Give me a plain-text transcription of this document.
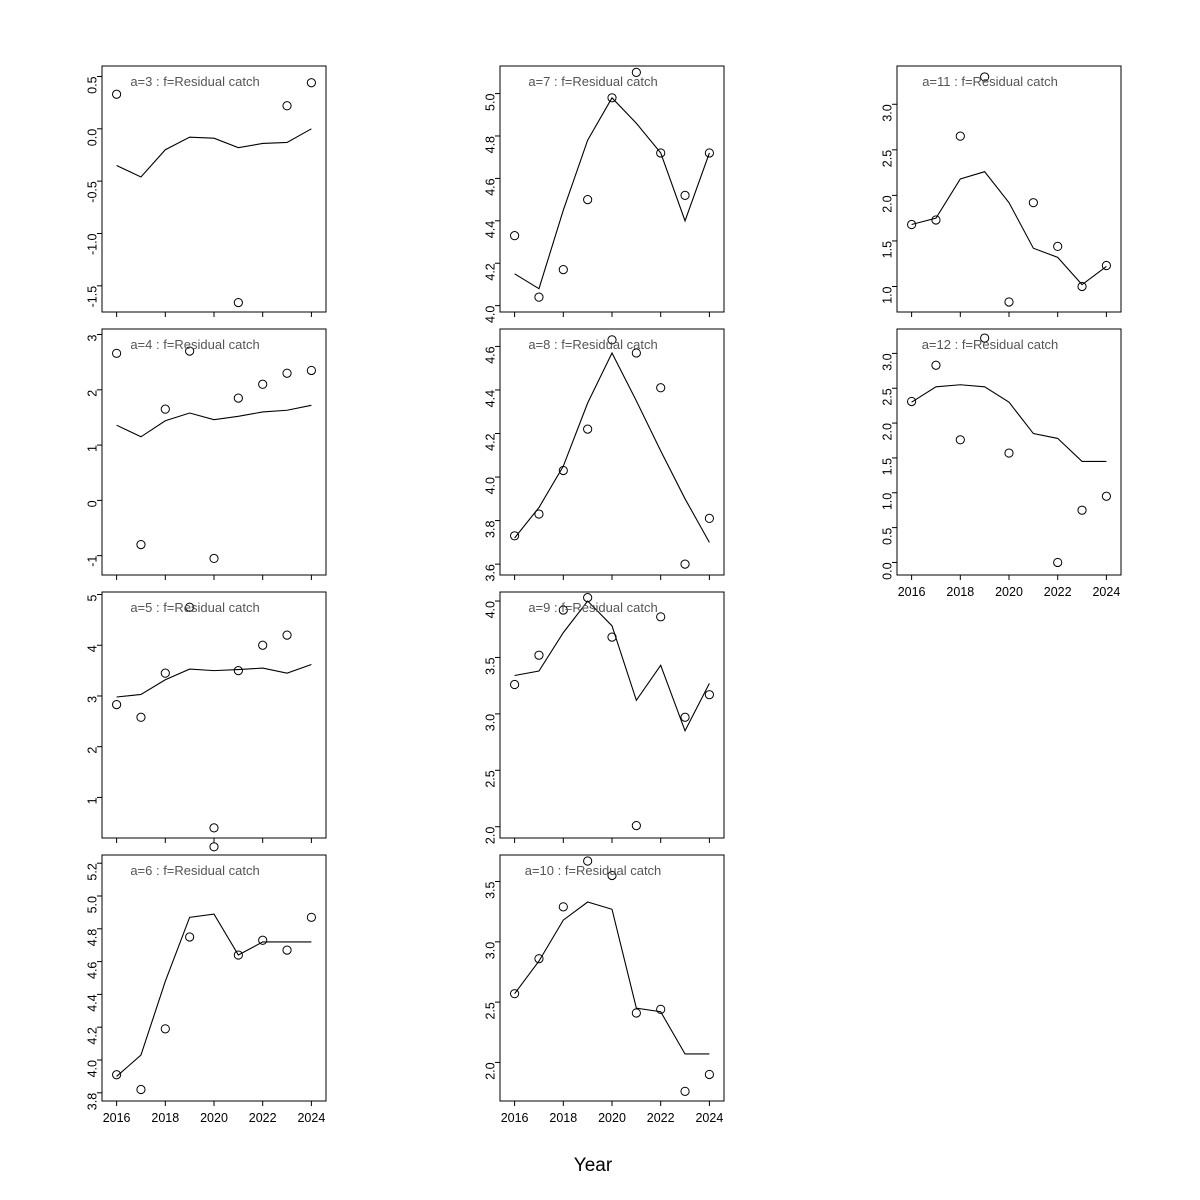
0.5
0.0
-0.5
-1.0
-1.5
a=3 : f=Residual catch
3
2
1
0
-1
a=4 : f=Residual catch
5
4
3
2
1
a=5 : f=Residual catch
5.2
5.0
4.8
4.6
4.4
4.2
4.0
3.8
2016 2018 2020 2022 2024
a=6 : f=Residual catch
5.0
4.8
4.6
4.4
4.2
4.0
a=7 : f=Residual catch
4.6
4.4
4.2
4.0
3.8
3.6
a=8 : f=Residual catch
4.0
3.5
3.0
2.5
2.0
a=9 : f=Residual catch
3.5
3.0
2.5
2.0
2016 2018 2020 2022 2024
a=10 : f=Residual catch
3.0
2.5
2.0
1.5
1.0
a=11 : f=Residual catch
3.0
2.5
2.0
1.5
1.0
0.5
0.0
2016 2018 2020 2022 2024
a=12 : f=Residual catch
Year
